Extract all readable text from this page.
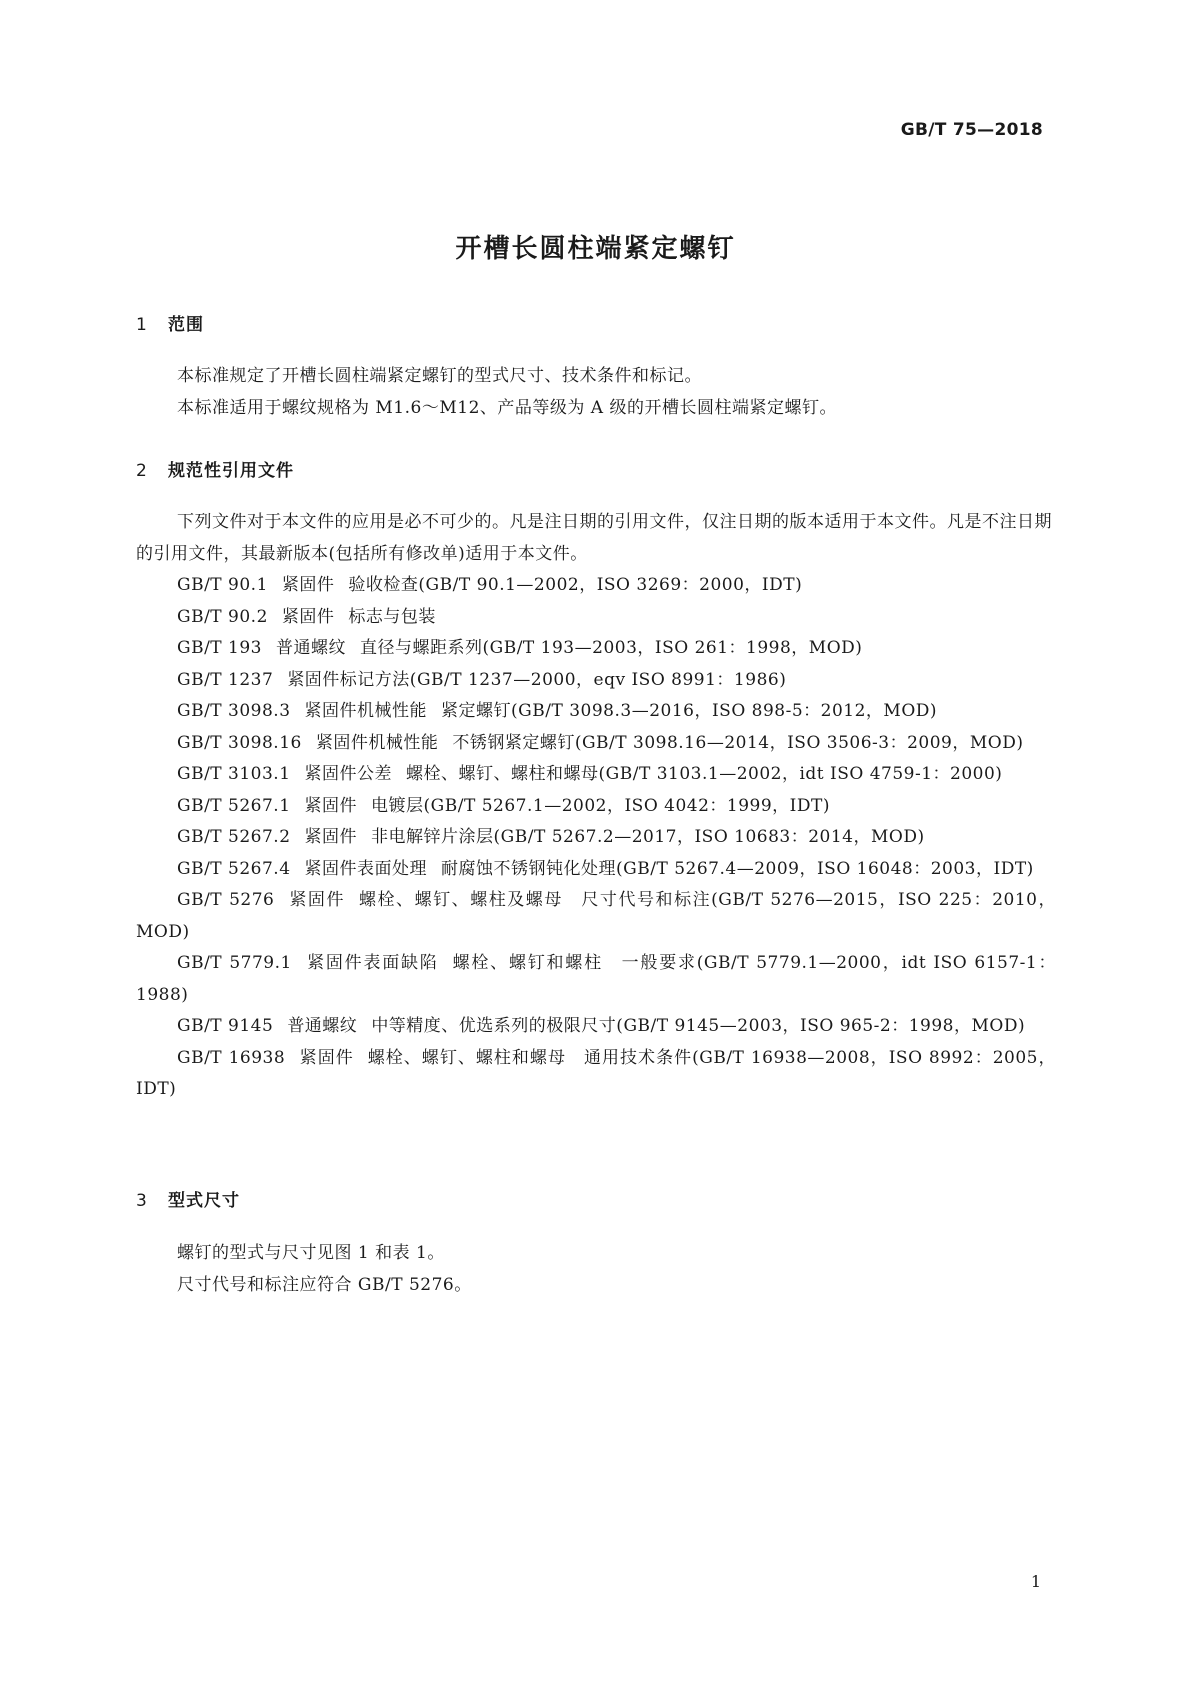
GB/T 75—2018
开槽长圆柱端紧定螺钉
1 范围

本标准规定了开槽长圆柱端紧定螺钉的型式尺寸、技术条件和标记。

本标准适用于螺纹规格为 M1.6～M12、产品等级为 A 级的开槽长圆柱端紧定螺钉。

2 规范性引用文件

下列文件对于本文件的应用是必不可少的。凡是注日期的引用文件，仅注日期的版本适用于本文件。凡是不注日期的引用文件，其最新版本(包括所有修改单)适用于本文件。

GB/T 90.1 紧固件 验收检查(GB/T 90.1—2002，ISO 3269：2000，IDT)

GB/T 90.2 紧固件 标志与包装

GB/T 193 普通螺纹 直径与螺距系列(GB/T 193—2003，ISO 261：1998，MOD)

GB/T 1237 紧固件标记方法(GB/T 1237—2000，eqv ISO 8991：1986)

GB/T 3098.3 紧固件机械性能 紧定螺钉(GB/T 3098.3—2016，ISO 898-5：2012，MOD)

GB/T 3098.16 紧固件机械性能 不锈钢紧定螺钉(GB/T 3098.16—2014，ISO 3506-3：2009，MOD)

GB/T 3103.1 紧固件公差 螺栓、螺钉、螺柱和螺母(GB/T 3103.1—2002，idt ISO 4759-1：2000)

GB/T 5267.1 紧固件 电镀层(GB/T 5267.1—2002，ISO 4042：1999，IDT)

GB/T 5267.2 紧固件 非电解锌片涂层(GB/T 5267.2—2017，ISO 10683：2014，MOD)

GB/T 5267.4 紧固件表面处理 耐腐蚀不锈钢钝化处理(GB/T 5267.4—2009，ISO 16048：2003，IDT)

GB/T 5276 紧固件 螺栓、螺钉、螺柱及螺母　尺寸代号和标注(GB/T 5276—2015，ISO 225：2010，MOD)

GB/T 5779.1 紧固件表面缺陷 螺栓、螺钉和螺柱　一般要求(GB/T 5779.1—2000，idt ISO 6157-1：1988)

GB/T 9145 普通螺纹 中等精度、优选系列的极限尺寸(GB/T 9145—2003，ISO 965-2：1998，MOD)

GB/T 16938 紧固件 螺栓、螺钉、螺柱和螺母　通用技术条件(GB/T 16938—2008，ISO 8992：2005，IDT)

3 型式尺寸

螺钉的型式与尺寸见图 1 和表 1。

尺寸代号和标注应符合 GB/T 5276。

1
